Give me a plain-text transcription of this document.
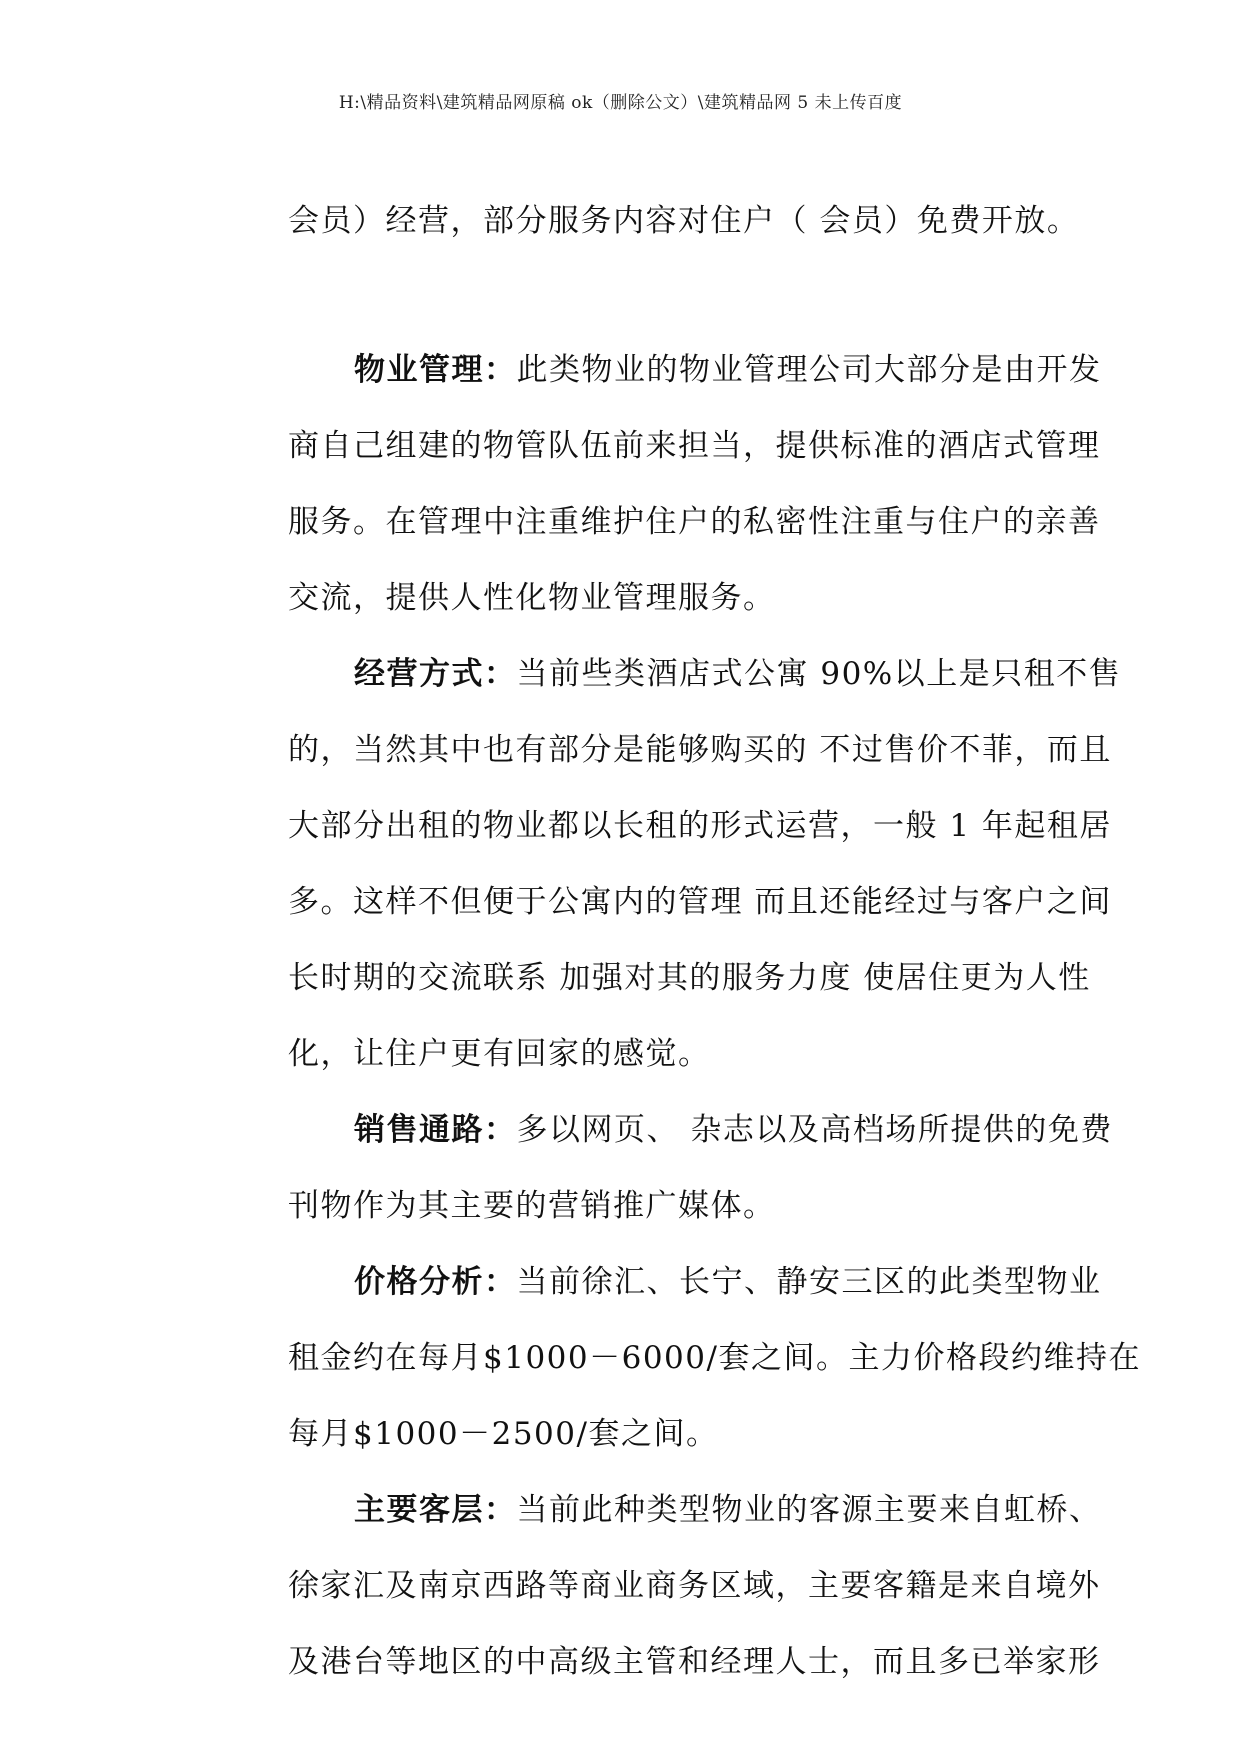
H:\精品资料\建筑精品网原稿 ok（删除公文）\建筑精品网 5 未上传百度
会员）经营，部分服务内容对住户（ 会员）免费开放。
物业管理：此类物业的物业管理公司大部分是由开发
商自己组建的物管队伍前来担当，提供标准的酒店式管理
服务。在管理中注重维护住户的私密性注重与住户的亲善
交流，提供人性化物业管理服务。
经营方式：当前些类酒店式公寓 90%以上是只租不售
的，当然其中也有部分是能够购买的 不过售价不菲，而且
大部分出租的物业都以长租的形式运营，一般 1 年起租居
多。这样不但便于公寓内的管理 而且还能经过与客户之间
长时期的交流联系 加强对其的服务力度 使居住更为人性
化，让住户更有回家的感觉。
销售通路：多以网页、 杂志以及高档场所提供的免费
刊物作为其主要的营销推广媒体。
价格分析：当前徐汇、长宁、静安三区的此类型物业
租金约在每月$1000－6000/套之间。主力价格段约维持在
每月$1000－2500/套之间。
主要客层：当前此种类型物业的客源主要来自虹桥、
徐家汇及南京西路等商业商务区域，主要客籍是来自境外
及港台等地区的中高级主管和经理人士，而且多已举家形
